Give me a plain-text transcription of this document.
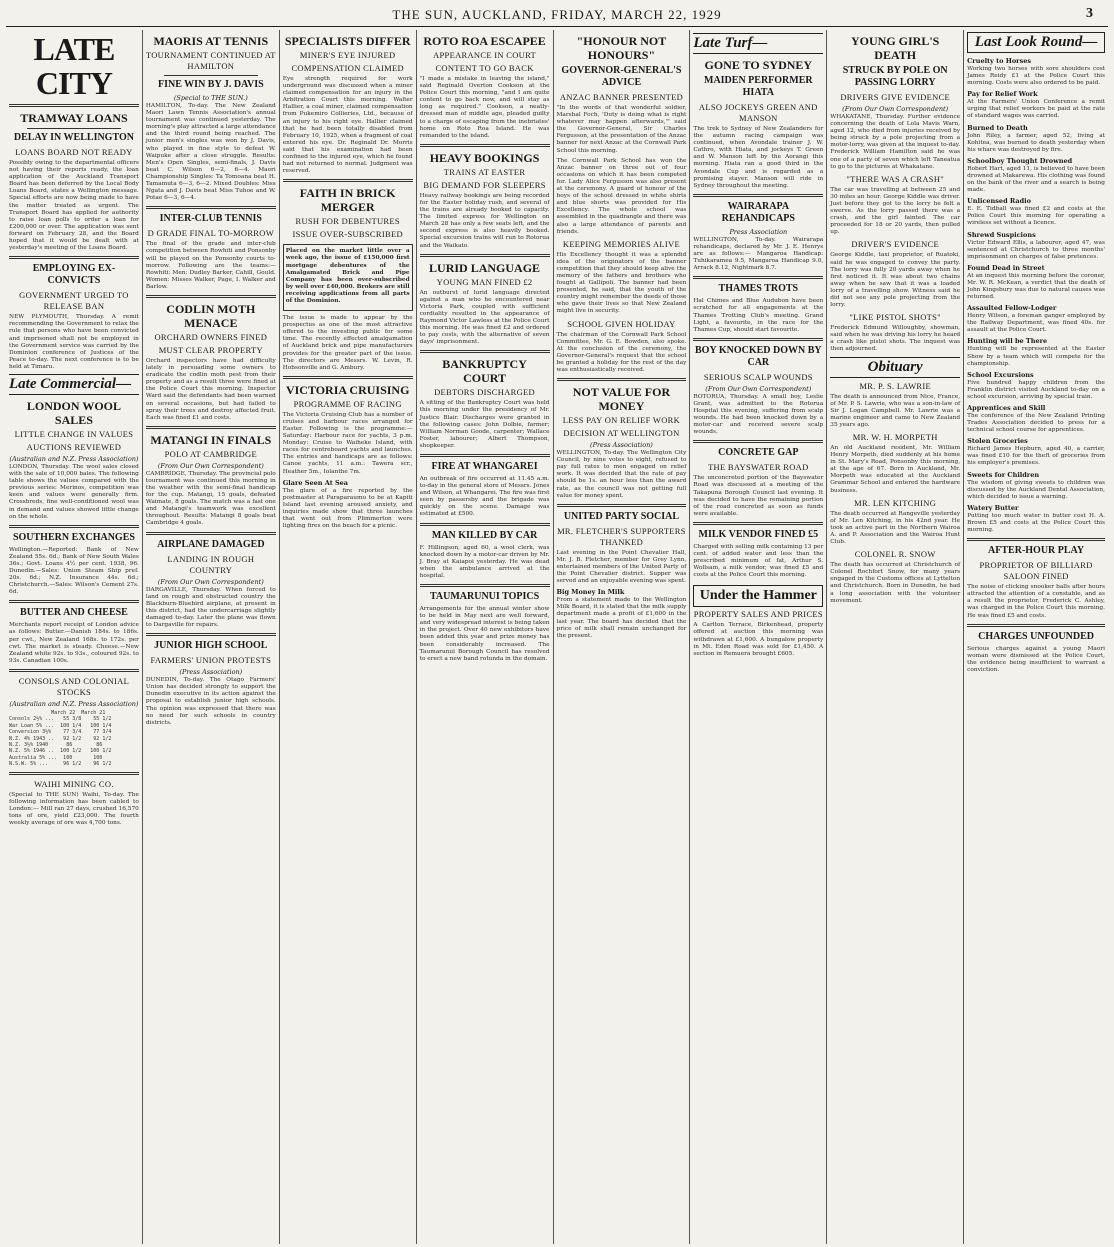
THE SUN, AUCKLAND, FRIDAY, MARCH 22, 1929	3
LATE CITY
TRAMWAY LOANS
DELAY IN WELLINGTON
LOANS BOARD NOT READY
Possibly owing to the departmental officers not having their reports ready, the loan application of the Auckland Transport Board has been deferred by the Local Body Loans Board, states a Wellington message. Special efforts are now being made to have the matter treated as urgent. The Transport Board has applied for authority to raise loan polls to order a loan for £200,000 or over. The application was sent forward on February 28, and the Board hoped that it would be dealt with at yesterday's meeting of the Loans Board.
EMPLOYING EX-CONVICTS
GOVERNMENT URGED TO RELEASE BAN
NEW PLYMOUTH, Thursday. A remit recommending the Government to relax the rule that persons who have been convicted and imprisoned shall not be employed in the Government service was carried by the Dominion conference of Justices of the Peace to-day. The next conference is to be held at Timaru.
Late Commercial—
LONDON WOOL SALES
LITTLE CHANGE IN VALUES
AUCTIONS REVIEWED
(Australian and N.Z. Press Association)
LONDON, Thursday. The wool sales closed with the sale of 10,000 bales. The following table shows the values compared with the previous series: Merinos, competition was keen and values were generally firm. Crossbreds, fine well-conditioned wool was in demand and values showed little change on the whole.
SOUTHERN EXCHANGES
Wellington.—Reported: Bank of New Zealand 55s. 6d.; Bank of New South Wales 36s.; Govt. Loans 4½ per cent. 1938, 96. Dunedin.—Sales: Union Steam Ship pref. 20s. 6d.; N.Z. Insurance 44s. 6d.; Christchurch.—Sales: Wilson's Cement 27s. 6d.
BUTTER AND CHEESE
Merchants report receipt of London advice as follows: Butter.—Danish 184s. to 186s. per cwt., New Zealand 168s. to 172s. per cwt. The market is steady. Cheese.—New Zealand white 92s. to 93s., coloured 92s. to 93s. Canadian 100s.
CONSOLS AND COLONIAL STOCKS
(Australian and N.Z. Press Association)
March 22  March 21
Consols 2½% ...   55 3/8    55 1/2
War Loan 5% ...  100 1/4   100 1/4
Conversion 3½%    77 3/4    77 3/4
N.Z. 4% 1943 ..   92 1/2    92 1/2
N.Z. 3½% 1940      86        86
N.Z. 5% 1946 ..  100 1/2   100 1/2
Australia 5% ...  100       100
N.S.W. 5% ...     96 1/2    96 1/2
WAIHI MINING CO.
(Special to THE SUN) Waihi, To-day. The following information has been cabled to London:— Mill ran 27 days, crushed 16,570 tons of ore, yield £23,000. The fourth weekly average of ore was 4,700 tons.
MAORIS AT TENNIS
TOURNAMENT CONTINUED AT HAMILTON
FINE WIN BY J. DAVIS
(Special to THE SUN.)
HAMILTON, To-day. The New Zealand Maori Lawn Tennis Association's annual tournament was continued yesterday. The morning's play attracted a large attendance and the third round being reached. The junior men's singles was won by J. Davis, who played in fine style to defeat W. Waipuke after a close struggle. Results: Men's Open Singles, semi-finals, J. Davis beat C. Wilson 6—2, 6—4. Maori Championship Singles: Ta Tomoana beat H. Tamamuta 6—3, 6—2. Mixed Doubles: Miss Ngata and J. Davis beat Miss Tuhoe and W. Potae 6—3, 6—4.
INTER-CLUB TENNIS
D GRADE FINAL TO-MORROW
The final of the grade and inter-club competition between Rowhiti and Ponsonby will be played on the Ponsonby courts to-morrow. Following are the teams:— Rowhiti: Men: Dudley Barker, Cahill, Gould. Women: Misses Walker, Page, I. Walker and Barlow.
CODLIN MOTH MENACE
ORCHARD OWNERS FINED
MUST CLEAR PROPERTY
Orchard inspectors have had difficulty lately in persuading some owners to eradicate the codlin moth pest from their property and as a result three were fined at the Police Court this morning. Inspector Ward said the defendants had been warned on several occasions, but had failed to spray their trees and destroy affected fruit. Each was fined £1 and costs.
MATANGI IN FINALS
POLO AT CAMBRIDGE
(From Our Own Correspondent)
CAMBRIDGE, Thursday. The provincial polo tournament was continued this morning in the weather with the semi-final handicap for the cup. Matangi, 15 goals, defeated Waimate, 8 goals. The match was a fast one and Matangi's teamwork was excellent throughout. Results: Matangi 8 goals beat Cambridge 4 goals.
AIRPLANE DAMAGED
LANDING IN ROUGH COUNTRY
(From Our Own Correspondent)
DARGAVILLE, Thursday. When forced to land on rough and obstructed country the Blackburn-Bluebird airplane, at present in this district, had the undercarriage slightly damaged to-day. Later the plane was flown to Dargaville for repairs.
JUNIOR HIGH SCHOOL
FARMERS' UNION PROTESTS
(Press Association)
DUNEDIN, To-day. The Otago Farmers' Union has decided strongly to support the Dunedin executive in its action against the proposal to establish junior high schools. The opinion was expressed that there was no need for such schools in country districts.
SPECIALISTS DIFFER
MINER'S EYE INJURED
COMPENSATION CLAIMED
Eye strength required for work underground was discussed when a miner claimed compensation for an injury in the Arbitration Court this morning. Walter Hallier, a coal miner, claimed compensation from Pukemiro Collieries, Ltd., because of an injury to his right eye. Hallier claimed that he had been totally disabled from February 10, 1925, when a fragment of coal entered his eye. Dr. Reginald Dr. Morris said that his examination had been confined to the injured eye, which he found had not returned to normal. Judgment was reserved.
FAITH IN BRICK MERGER
RUSH FOR DEBENTURES
ISSUE OVER-SUBSCRIBED
Placed on the market little over a week ago, the issue of £150,000 first mortgage debentures of the Amalgamated Brick and Pipe Company has been over-subscribed by well over £40,000. Brokers are still receiving applications from all parts of the Dominion.
The issue is made to appear by the prospectus as one of the most attractive offered to the investing public for some time. The recently effected amalgamation of Auckland brick and pipe manufacturers provides for the greater part of the issue. The directors are Messrs. W. Levin, R. Hobsonville and G. Ambury.
VICTORIA CRUISING
PROGRAMME OF RACING
The Victoria Cruising Club has a number of cruises and harbour races arranged for Easter. Following is the programme:— Saturday: Harbour race for yachts, 3 p.m. Monday: Cruise to Waiheke Island, with races for centreboard yachts and launches. The entries and handicaps are as follows: Canoe yachts, 11 a.m.: Tawera scr., Heather 5m., Iolanthe 7m.
Glare Seen At Sea
The glare of a fire reported by the postmaster at Paraparaumu to be at Kapiti Island last evening aroused anxiety, and inquiries made show that three launches that went out from Plimmerton were lighting fires on the beach for a picnic.
ROTO ROA ESCAPEE
APPEARANCE IN COURT
CONTENT TO GO BACK
"I made a mistake in leaving the island," said Reginald Overton Cookson at the Police Court this morning, "and I am quite content to go back now, and will stay as long as required." Cookson, a neatly-dressed man of middle age, pleaded guilty to a charge of escaping from the inebriates' home on Roto Roa Island. He was remanded to the island.
HEAVY BOOKINGS
TRAINS AT EASTER
BIG DEMAND FOR SLEEPERS
Heavy railway bookings are being recorded for the Easter holiday rush, and several of the trains are already booked to capacity. The limited express for Wellington on March 28 has only a few seats left, and the second express is also heavily booked. Special excursion trains will run to Rotorua and the Waikato.
LURID LANGUAGE
YOUNG MAN FINED £2
An outburst of lurid language directed against a man who he encountered near Victoria Park, coupled with sufficient cordiality resulted in the appearance of Raymond Victor Lawless at the Police Court this morning. He was fined £2 and ordered to pay costs, with the alternative of seven days' imprisonment.
BANKRUPTCY COURT
DEBTORS DISCHARGED
A sitting of the Bankruptcy Court was held this morning under the presidency of Mr. Justice Blair. Discharges were granted in the following cases: John Dolbie, farmer; William Norman Goode, carpenter; Wallace Foster, labourer; Albert Thompson, shopkeeper.
FIRE AT WHANGAREI
An outbreak of fire occurred at 11.45 a.m. to-day in the general store of Messrs. Jones and Wilson, at Whangarei. The fire was first seen by passersby and the brigade was quickly on the scene. Damage was estimated at £500.
MAN KILLED BY CAR
F. Hillingson, aged 60, a wool clerk, was knocked down by a motor-car driven by Mr. J. Bray at Kaiapoi yesterday. He was dead when the ambulance arrived at the hospital.
TAUMARUNUI TOPICS
Arrangements for the annual winter show to be held in May next are well forward, and very widespread interest is being taken in the project. Over 40 new exhibitors have been added this year and prize money has been considerably increased. The Taumarunui Borough Council has resolved to erect a new band rotunda in the domain.
"HONOUR NOT HONOURS"
GOVERNOR-GENERAL'S ADVICE
ANZAC BANNER PRESENTED
"In the words of that wonderful soldier, Marshal Foch, 'Duty is doing what is right whatever may happen afterwards,'" said the Governor-General, Sir Charles Fergusson, at the presentation of the Anzac banner for next Anzac at the Cornwall Park School this morning.
The Cornwall Park School has won the Anzac banner on three out of four occasions on which it has been competed for. Lady Alice Fergusson was also present at the ceremony. A guard of honour of the boys of the school dressed in white shirts and blue shorts was provided for His Excellency. The whole school was assembled in the quadrangle and there was also a large attendance of parents and friends.
KEEPING MEMORIES ALIVE
His Excellency thought it was a splendid idea of the originators of the banner competition that they should keep alive the memory of the fathers and brothers who fought at Gallipoli. The banner had been presented, he said, that the youth of the country might remember the deeds of those who gave their lives so that New Zealand might live in security.
SCHOOL GIVEN HOLIDAY
The chairman of the Cornwall Park School Committee, Mr. G. E. Bowden, also spoke. At the conclusion of the ceremony, the Governor-General's request that the school be granted a holiday for the rest of the day was enthusiastically received.
NOT VALUE FOR MONEY
LESS PAY ON RELIEF WORK
DECISION AT WELLINGTON
(Press Association)
WELLINGTON, To-day. The Wellington City Council, by nine votes to eight, refused to pay full rates to men engaged on relief work. It was decided that the rate of pay should be 1s. an hour less than the award rate, as the council was not getting full value for money spent.
UNITED PARTY SOCIAL
MR. FLETCHER'S SUPPORTERS THANKED
Last evening in the Point Chevalier Hall, Mr. J. B. Fletcher, member for Grey Lynn, entertained members of the United Party of the Point Chevalier district. Supper was served and an enjoyable evening was spent.
Big Money In Milk
From a statement made to the Wellington Milk Board, it is stated that the milk supply department made a profit of £1,600 in the last year. The board has decided that the price of milk shall remain unchanged for the present.
Late Turf—
GONE TO SYDNEY
MAIDEN PERFORMER HIATA
ALSO JOCKEYS GREEN AND MANSON
The trek to Sydney of New Zealanders for the autumn racing campaign was continued, when Avondale trainer J. W. Cathro, with Hiata, and jockeys T. Green and W. Manson left by the Aorangi this morning. Hiata ran a good third in the Avondale Cup and is regarded as a promising stayer. Manson will ride in Sydney throughout the meeting.
WAIRARAPA REHANDICAPS
Press Association
WELLINGTON, To-day. Wairarapa rehandicaps, declared by Mr. J. E. Henrys are as follows:— Mangaroa Handicap: Tuhikaramea 9.5, Mangaroa Handicap 9.0, Arrack 8.12, Nightmark 8.7.
THAMES TROTS
Hal Chimes and Blue Audubon have been scratched for all engagements at the Thames Trotting Club's meeting. Grand Light, a favourite, in the race for the Thames Cup, should start favourite.
BOY KNOCKED DOWN BY CAR
SERIOUS SCALP WOUNDS
(From Our Own Correspondent)
ROTORUA, Thursday. A small boy, Leslie Grant, was admitted to the Rotorua Hospital this evening, suffering from scalp wounds. He had been knocked down by a motor-car and received severe scalp wounds.
CONCRETE GAP
THE BAYSWATER ROAD
The unconcreted portion of the Bayswater Road was discussed at a meeting of the Takapuna Borough Council last evening. It was decided to have the remaining portion of the road concreted as soon as funds were available.
MILK VENDOR FINED £5
Charged with selling milk containing 13 per cent. of added water and less than the prescribed minimum of fat, Arthur S. Wollsam, a milk vendor, was fined £5 and costs at the Police Court this morning.
Under the Hammer
PROPERTY SALES AND PRICES
A Carlton Terrace, Birkenhead, property offered at auction this morning was withdrawn at £1,600. A bungalow property in Mt. Eden Road was sold for £1,450. A section in Remuera brought £605.
YOUNG GIRL'S DEATH
STRUCK BY POLE ON PASSING LORRY
DRIVERS GIVE EVIDENCE
(From Our Own Correspondent)
WHAKATANE, Thursday. Further evidence concerning the death of Lola Mavis Warn, aged 12, who died from injuries received by being struck by a pole projecting from a motor-lorry, was given at the inquest to-day. Frederick William Hamilton said he was one of a party of seven which left Taneatua to go to the pictures at Whakatane.
"THERE WAS A CRASH"
The car was travelling at between 25 and 30 miles an hour. George Kiddle was driver. Just before they got to the lorry he felt a swerve. As the lorry passed there was a crash, and the girl fainted. The car proceeded for 18 or 20 yards, then pulled up.
DRIVER'S EVIDENCE
George Kiddle, taxi proprietor, of Ruatoki, said he was engaged to convey the party. The lorry was fully 20 yards away when he first noticed it. It was about two chains away when he saw that it was a loaded lorry of a travelling show. Witness said he did not see any pole projecting from the lorry.
"LIKE PISTOL SHOTS"
Frederick Edmund Willoughby, showman, said when he was driving his lorry he heard a crash like pistol shots. The inquest was then adjourned.
Obituary
MR. P. S. LAWRIE
The death is announced from Nice, France, of Mr. P. S. Lawrie, who was a son-in-law of Sir J. Logan Campbell. Mr. Lawrie was a marine engineer and came to New Zealand 35 years ago.
MR. W. H. MORPETH
An old Auckland resident, Mr. William Henry Morpeth, died suddenly at his home in St. Mary's Road, Ponsonby this morning, at the age of 67. Born in Auckland, Mr. Morpeth was educated at the Auckland Grammar School and entered the hardware business.
MR. LEN KITCHING
The death occurred at Rangeville yesterday of Mr. Len Kitching, in his 42nd year. He took an active part in the Northern Wairoa A. and P. Association and the Wairoa Hunt Club.
COLONEL R. SNOW
The death has occurred at Christchurch of Colonel Rochfort Snow, for many years engaged in the Customs offices at Lyttelton and Christchurch. Born in Dunedin, he had a long association with the volunteer movement.
Last Look Round—
Cruelty to Horses
Working two horses with sore shoulders cost James Reidy £1 at the Police Court this morning. Costs were also ordered to be paid.
Pay for Relief Work
At the Farmers' Union Conference a remit urging that relief workers be paid at the rate of standard wages was carried.
Burned to Death
John Riley, a farmer, aged 52, living at Kohitea, was burned to death yesterday when his whare was destroyed by fire.
Schoolboy Thought Drowned
Robert Hart, aged 11, is believed to have been drowned at Makarewa. His clothing was found on the bank of the river and a search is being made.
Unlicensed Radio
E. E. Tidball was fined £2 and costs at the Police Court this morning for operating a wireless set without a licence.
Shrewd Suspicions
Victor Edward Ellis, a labourer, aged 47, was sentenced at Christchurch to three months' imprisonment on charges of false pretences.
Found Dead in Street
At an inquest this morning before the coroner, Mr. W. R. McKean, a verdict that the death of John Kingsbury was due to natural causes was returned.
Assaulted Fellow-Lodger
Henry Wilson, a foreman ganger employed by the Railway Department, was fined 40s. for assault at the Police Court.
Hunting will be There
Hunting will be represented at the Easter Show by a team which will compete for the championship.
School Excursions
Five hundred happy children from the Franklin district visited Auckland to-day on a school excursion, arriving by special train.
Apprentices and Skill
The conference of the New Zealand Printing Trades Association decided to press for a technical school course for apprentices.
Stolen Groceries
Richard James Hepburn, aged 40, a carrier, was fined £10 for the theft of groceries from his employer's premises.
Sweets for Children
The wisdom of giving sweets to children was discussed by the Auckland Dental Association, which decided to issue a warning.
Watery Butter
Putting too much water in butter cost H. A. Brown £5 and costs at the Police Court this morning.
AFTER-HOUR PLAY
PROPRIETOR OF BILLIARD SALOON FINED
The noise of clicking snooker balls after hours attracted the attention of a constable, and as a result the proprietor, Frederick C. Ashley, was charged in the Police Court this morning. He was fined £5 and costs.
CHARGES UNFOUNDED
Serious charges against a young Maori woman were dismissed at the Police Court, the evidence being insufficient to warrant a conviction.
